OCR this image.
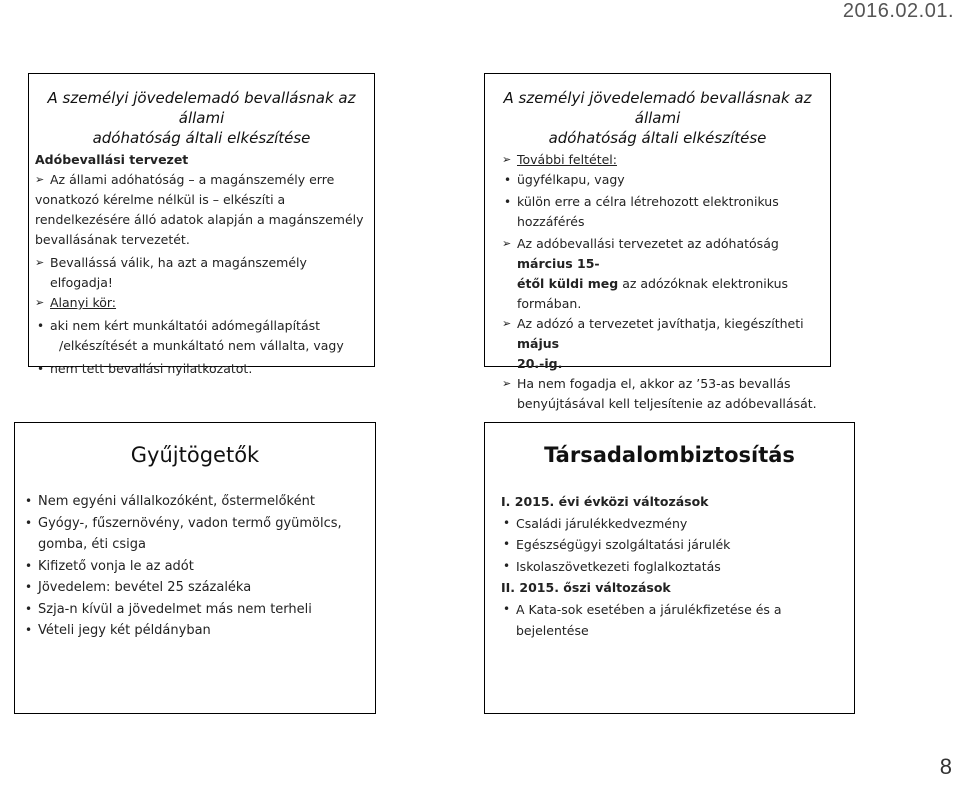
2016.02.01.
A személyi jövedelemadó bevallásnak az állami
adóhatóság általi elkészítése
Adóbevallási tervezet
➢ Az állami adóhatóság – a magánszemély erre
vonatkozó kérelme nélkül is – elkészíti a
rendelkezésére álló adatok alapján a magánszemély
bevallásának tervezetét.
➢ Bevallássá válik, ha azt a magánszemély elfogadja!
➢ Alanyi kör:
• aki nem kért munkáltatói adómegállapítást
/elkészítését a munkáltató nem vállalta, vagy
• nem tett bevallási nyilatkozatot.
A személyi jövedelemadó bevallásnak az állami
adóhatóság általi elkészítése
➢ További feltétel:
• ügyfélkapu, vagy
• külön erre a célra létrehozott elektronikus hozzáférés
➢ Az adóbevallási tervezetet az adóhatóság március 15-
étől küldi meg az adózóknak elektronikus formában.
➢ Az adózó a tervezetet javíthatja, kiegészítheti május
20.-ig.
➢ Ha nem fogadja el, akkor az ’53-as bevallás
benyújtásával kell teljesítenie az adóbevallását.
Gyűjtögetők
• Nem egyéni vállalkozóként, őstermelőként
• Gyógy-, fűszernövény, vadon termő gyümölcs,
gomba, éti csiga
• Kifizető vonja le az adót
• Jövedelem: bevétel 25 százaléka
• Szja-n kívül a jövedelmet más nem terheli
• Vételi jegy két példányban
Társadalombiztosítás
I. 2015. évi évközi változások
• Családi járulékkedvezmény
• Egészségügyi szolgáltatási járulék
• Iskolaszövetkezeti foglalkoztatás
II. 2015. őszi változások
• A Kata-sok esetében a járulékfizetése és a
bejelentése
8
